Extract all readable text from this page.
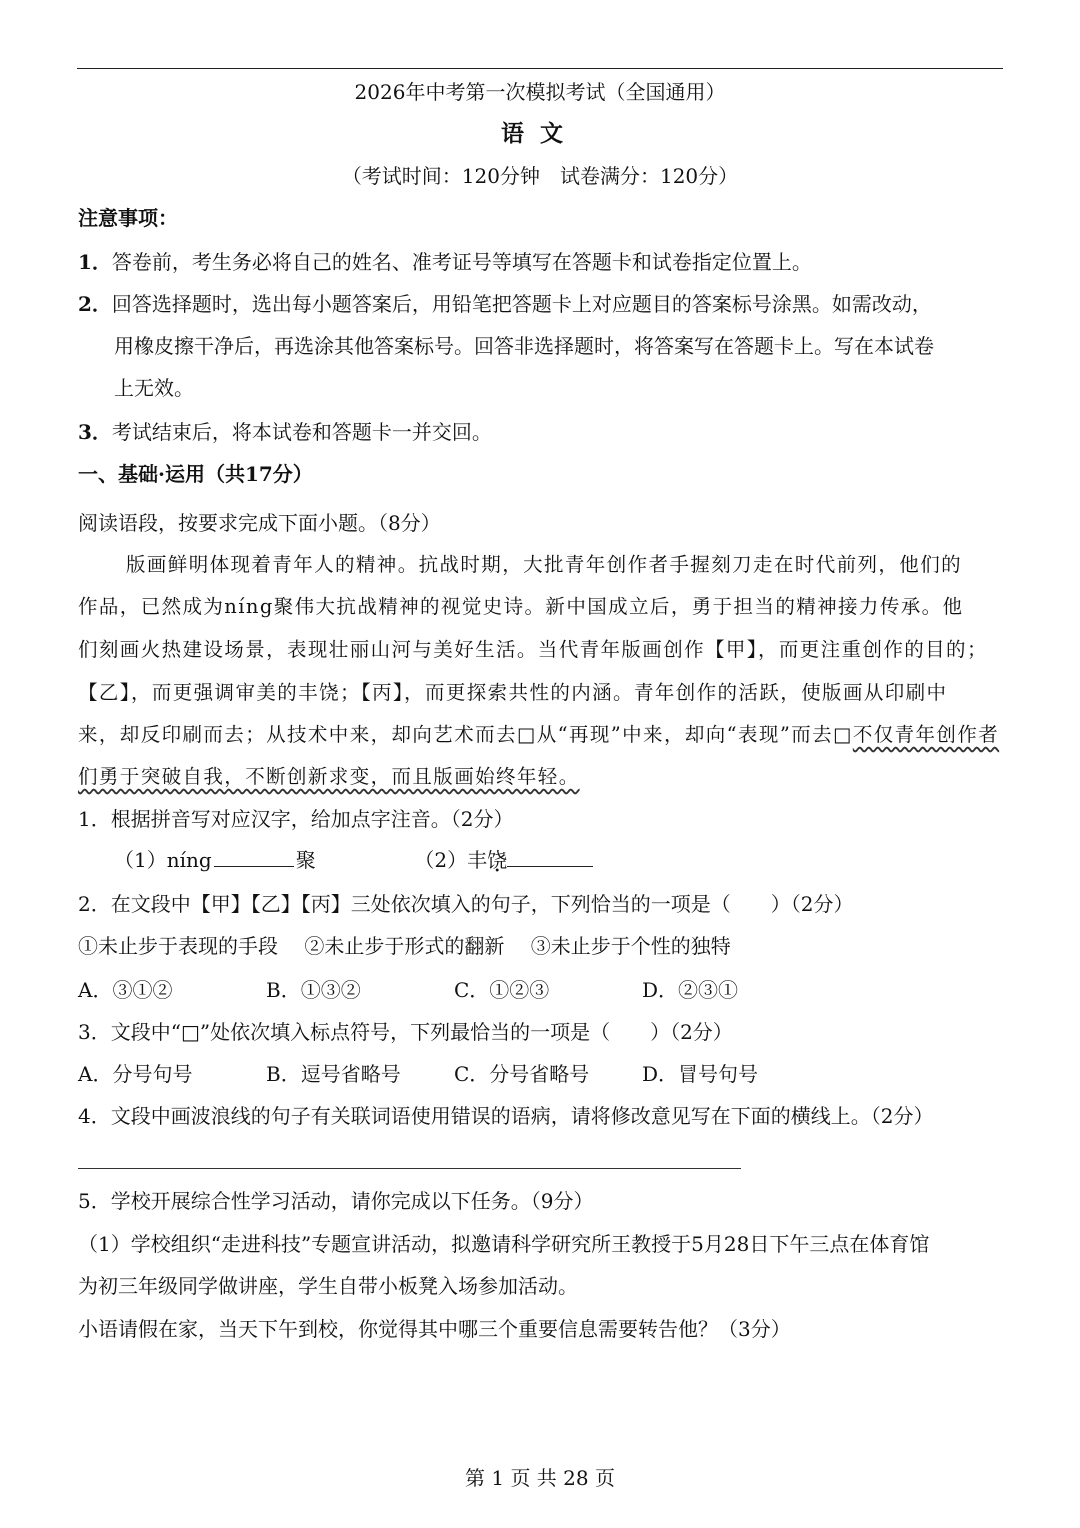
2026年中考第一次模拟考试（全国通用）
语文
（考试时间：120分钟　试卷满分：120分）
注意事项：
1．答卷前，考生务必将自己的姓名、准考证号等填写在答题卡和试卷指定位置上。
2．回答选择题时，选出每小题答案后，用铅笔把答题卡上对应题目的答案标号涂黑。如需改动，
用橡皮擦干净后，再选涂其他答案标号。回答非选择题时，将答案写在答题卡上。写在本试卷
上无效。
3．考试结束后，将本试卷和答题卡一并交回。
一、基础·运用（共17分）
阅读语段，按要求完成下面小题。（8分）
版画鲜明体现着青年人的精神。抗战时期，大批青年创作者手握刻刀走在时代前列，他们的
作品，已然成为níng聚伟大抗战精神的视觉史诗。新中国成立后，勇于担当的精神接力传承。他
们刻画火热建设场景，表现壮丽山河与美好生活。当代青年版画创作【甲】，而更注重创作的目的；
【乙】，而更强调审美的丰饶；【丙】，而更探索共性的内涵。青年创作的活跃，使版画从印刷中
来，却反印刷而去；从技术中来，却向艺术而去□从“再现”中来，却向“表现”而去□不仅青年创作者
们勇于突破自我，不断创新求变，而且版画始终年轻。
1．根据拼音写对应汉字，给加点字注音。（2分）
（1）níng	聚	（2）丰饶
2．在文段中【甲】【乙】【丙】三处依次填入的句子，下列恰当的一项是（　　）（2分）
①未止步于表现的手段　 ②未止步于形式的翻新　 ③未止步于个性的独特
A．③①②	B．①③②	C．①②③	D．②③①
3．文段中“□”处依次填入标点符号，下列最恰当的一项是（　　）（2分）
A．分号句号	B．逗号省略号	C．分号省略号	D．冒号句号
4．文段中画波浪线的句子有关联词语使用错误的语病，请将修改意见写在下面的横线上。（2分）
5．学校开展综合性学习活动，请你完成以下任务。（9分）
（1）学校组织“走进科技”专题宣讲活动，拟邀请科学研究所王教授于5月28日下午三点在体育馆
为初三年级同学做讲座，学生自带小板凳入场参加活动。
小语请假在家，当天下午到校，你觉得其中哪三个重要信息需要转告他？（3分）
第 1 页 共 28 页
